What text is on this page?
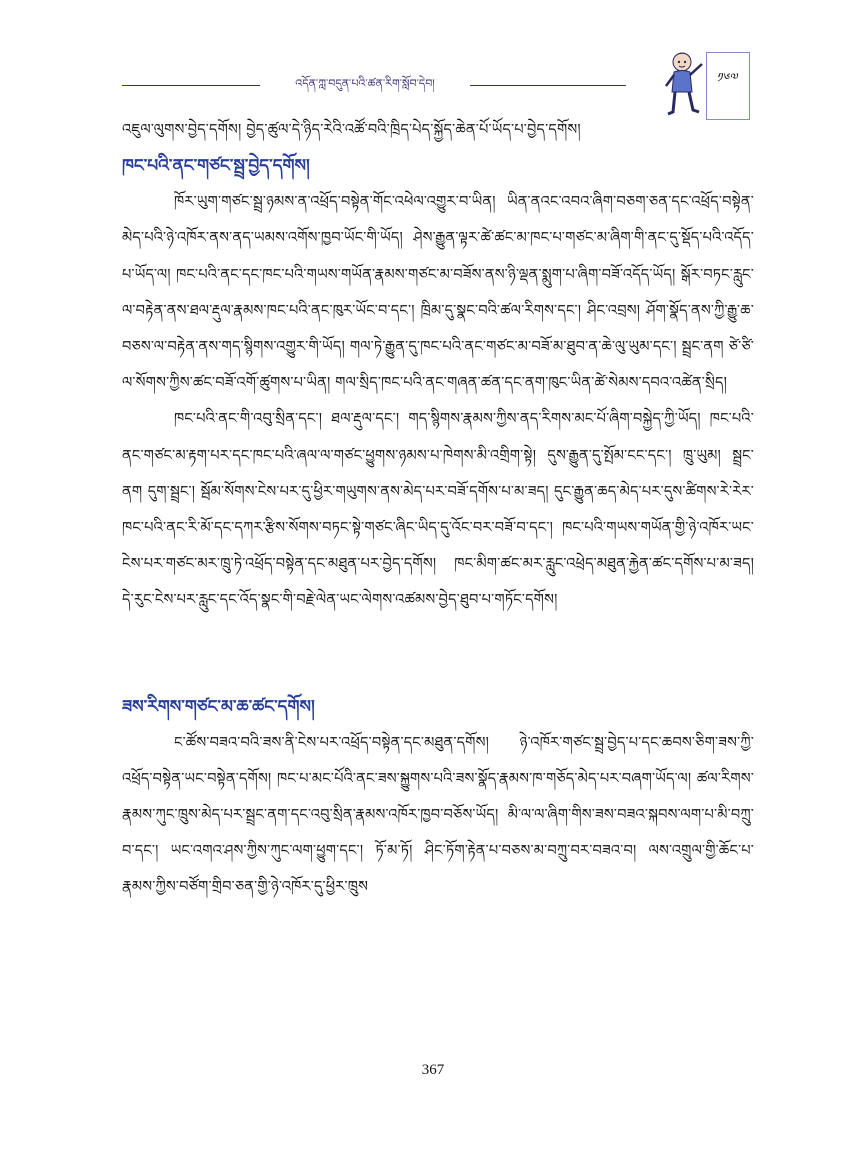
འདོན་ཀླ་བདུན་པའི་ཚན་རིག་སློབ་དེབ།	༡༦༧

འཇུལ་ལུགས་བྱེད་དགོས། བྱེད་ཚུལ་དེ་ཉིད་རེའི་འཚོ་བའི་ཁྲིད་པེད་སྐྱོད་ཆེན་པོ་ཡོད་པ་བྱེད་དགོས།

ཁང་པའི་ནང་གཙང་སྦྲ་བྱེད་དགོས།

ཁོར་ཡུག་གཙང་སྦྲ་ཉམས་ན་འཕྲོད་བསྟེན་གོང་འཕེལ་འགྱུར་བ་ཡིན། ཡིན་ནའང་འབའ་ཞིག་བཅག་ཅན་དང་འཕྲོད་བསྟེན་མེད་པའི་ཉེ་འཁོར་ནས་ནད་ཡམས་འགོས་ཁྱབ་ཡོང་གི་ཡོད། ཤེས་རྒྱུན་ལྟར་ཚེ་ཚང་མ་ཁང་པ་གཙང་མ་ཞིག་གི་ནང་དུ་སྡོད་པའི་འདོད་པ་ཡོད་ལ། ཁང་པའི་ནང་དང་ཁང་པའི་གཡས་གཡོན་རྣམས་གཙང་མ་བཟོས་ནས་ཉི་ལྡན་སྨུག་པ་ཞིག་བཟོ་འདོད་ཡོད། སྒོར་བཏང་རླུང་ལ་བརྟེན་ནས་ཐལ་རྡུལ་རྣམས་ཁང་པའི་ནང་ཁུར་ཡོང་བ་དང་། ཁྲིམ་དུ་སྣང་བའི་ཚལ་རིགས་དང་། ཤིང་འབྲས། ཤོག་སྣོད་ནས་ཀྱི་རྒྱུ་ཆ་བཅས་ལ་བརྟེན་ནས་གད་སྙིགས་འགྱུར་གི་ཡོད། གལ་ཏེ་རྒྱུན་དུ་ཁང་པའི་ནང་གཙང་མ་བཟོ་མ་ཐུབ་ན་ཆེ་ལུ་ཡུམ་དང་། སྦྲང་ནག ཙེ་ཙི་ལ་སོགས་ཀྱིས་ཚང་བཟོ་འགོ་ཚུགས་པ་ཡིན། གལ་སྲིད་ཁང་པའི་ནང་གཞན་ཚན་དང་ནག་ཁུང་ཡིན་ཚེ་སེམས་དབའ་འཚེན་སྲིད།

ཁང་པའི་ནང་གི་འབུ་སྲིན་དང་། ཐལ་རྡུལ་དང་། གད་སྙིགས་རྣམས་ཀྱིས་ནད་རིགས་མང་པོ་ཞིག་བསྐྱེད་ཀྱི་ཡོད། ཁང་པའི་ནང་གཙང་མ་རྟག་པར་དང་ཁང་པའི་ཞལ་ལ་གཙང་ཕྱུགས་ཉམས་པ་ཁེགས་མི་འགྲིག་སྟེ། དུས་རྒྱུན་དུ་སྤོམ་ངང་དང་། ཁྲུ་ཡུམ། སྦྲང་ནག དུག་སྦྲང་། སྦོམ་སོགས་ངེས་པར་དུ་ཕྱིར་གཡུགས་ནས་མེད་པར་བཟོ་དགོས་པ་མ་ཟད། དུང་རྒྱུན་ཆད་མེད་པར་དུས་ཚིགས་རེ་རེར་ཁང་པའི་ནང་རི་མོ་དང་དཀར་རྩིས་སོགས་བཏང་སྟེ་གཙང་ཞིང་ཡིད་དུ་འོང་བར་བཟོ་བ་དང་། ཁང་པའི་གཡས་གཡོན་གྱི་ཉེ་འཁོར་ཡང་ངེས་པར་གཙང་མར་ཁྲུ་ཏེ་འཕྲོད་བསྟེན་དང་མཐུན་པར་བྱེད་དགོས། ཁང་མིག་ཚང་མར་རླུང་འཕྲེད་མཐུན་རྐྱེན་ཚང་དགོས་པ་མ་ཟད། དེ་རུང་ངེས་པར་རླུང་དང་འོད་སྣང་གི་བརྗེ་ལེན་ཡང་ལེགས་འཚམས་བྱེད་ཐུབ་པ་གཏོང་དགོས།

ཟས་རིགས་གཙང་མ་ཆ་ཚང་དགོས།

ང་ཚོས་བཟའ་བའི་ཟས་ནི་ངེས་པར་འཕྲོད་བསྟེན་དང་མཐུན་དགོས། ཉེ་འཁོར་གཙང་སྦྲ་བྱེད་པ་དང་ཆབས་ཅིག་ཟས་ཀྱི་འཕྲོད་བསྟེན་ཡང་བསྟེན་དགོས། ཁང་པ་མང་པོའི་ནང་ཟས་སྐྱུགས་པའི་ཟས་སྣོད་རྣམས་ཁ་གཅོད་མེད་པར་བཞག་ཡོད་ལ། ཚལ་རིགས་རྣམས་ཀུང་ཁྲུས་མེད་པར་སྦྲང་ནག་དང་འབུ་སྲིན་རྣམས་འཁོར་ཁྱབ་བཅོས་ཡོད། མི་ལ་ལ་ཞིག་གིས་ཟས་བཟའ་སྐབས་ལག་པ་མི་བཀྲུ་བ་དང་། ཡང་འགའ་ཤས་ཀྱིས་ཀུང་ལག་ཕྱུག་དང་། ཏོ་མ་ཏོ། ཤིང་ཏོག་རྟེན་པ་བཅས་མ་བཀྲུ་བར་བཟའ་བ། ལས་འགྲུལ་གྱི་ཆོང་པ་རྣམས་ཀྱིས་བཙོག་གྲིབ་ཅན་གྱི་ཉེ་འཁོར་དུ་ཕྱིར་ཁྲུས

367
